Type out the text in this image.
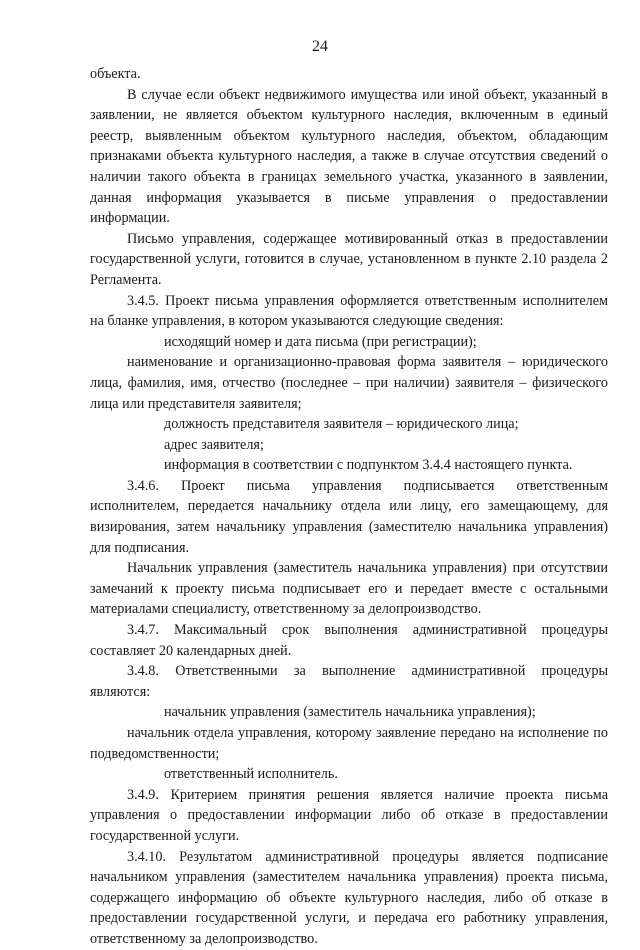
24

объекта.

В случае если объект недвижимого имущества или иной объект, указанный в заявлении, не является объектом культурного наследия, включенным в единый реестр, выявленным объектом культурного наследия, объектом, обладающим признаками объекта культурного наследия, а также в случае отсутствия сведений о наличии такого объекта в границах земельного участка, указанного в заявлении, данная информация указывается в письме управления о предоставлении информации.

Письмо управления, содержащее мотивированный отказ в предоставлении государственной услуги, готовится в случае, установленном в пункте 2.10 раздела 2 Регламента.

3.4.5. Проект письма управления оформляется ответственным исполнителем на бланке управления, в котором указываются следующие сведения:

исходящий номер и дата письма (при регистрации);

наименование и организационно-правовая форма заявителя – юридического лица, фамилия, имя, отчество (последнее – при наличии) заявителя – физического лица или представителя заявителя;

должность представителя заявителя – юридического лица;

адрес заявителя;

информация в соответствии с подпунктом 3.4.4 настоящего пункта.

3.4.6. Проект письма управления подписывается ответственным исполнителем, передается начальнику отдела или лицу, его замещающему, для визирования, затем начальнику управления (заместителю начальника управления) для подписания.

Начальник управления (заместитель начальника управления) при отсутствии замечаний к проекту письма подписывает его и передает вместе с остальными материалами специалисту, ответственному за делопроизводство.

3.4.7. Максимальный срок выполнения административной процедуры составляет 20 календарных дней.

3.4.8. Ответственными за выполнение административной процедуры являются:

начальник управления (заместитель начальника управления);

начальник отдела управления, которому заявление передано на исполнение по подведомственности;

ответственный исполнитель.

3.4.9. Критерием принятия решения является наличие проекта письма управления о предоставлении информации либо об отказе в предоставлении государственной услуги.

3.4.10. Результатом административной процедуры является подписание начальником управления (заместителем начальника управления) проекта письма, содержащего информацию об объекте культурного наследия, либо об отказе в предоставлении государственной услуги, и передача его работнику управления, ответственному за делопроизводство.
